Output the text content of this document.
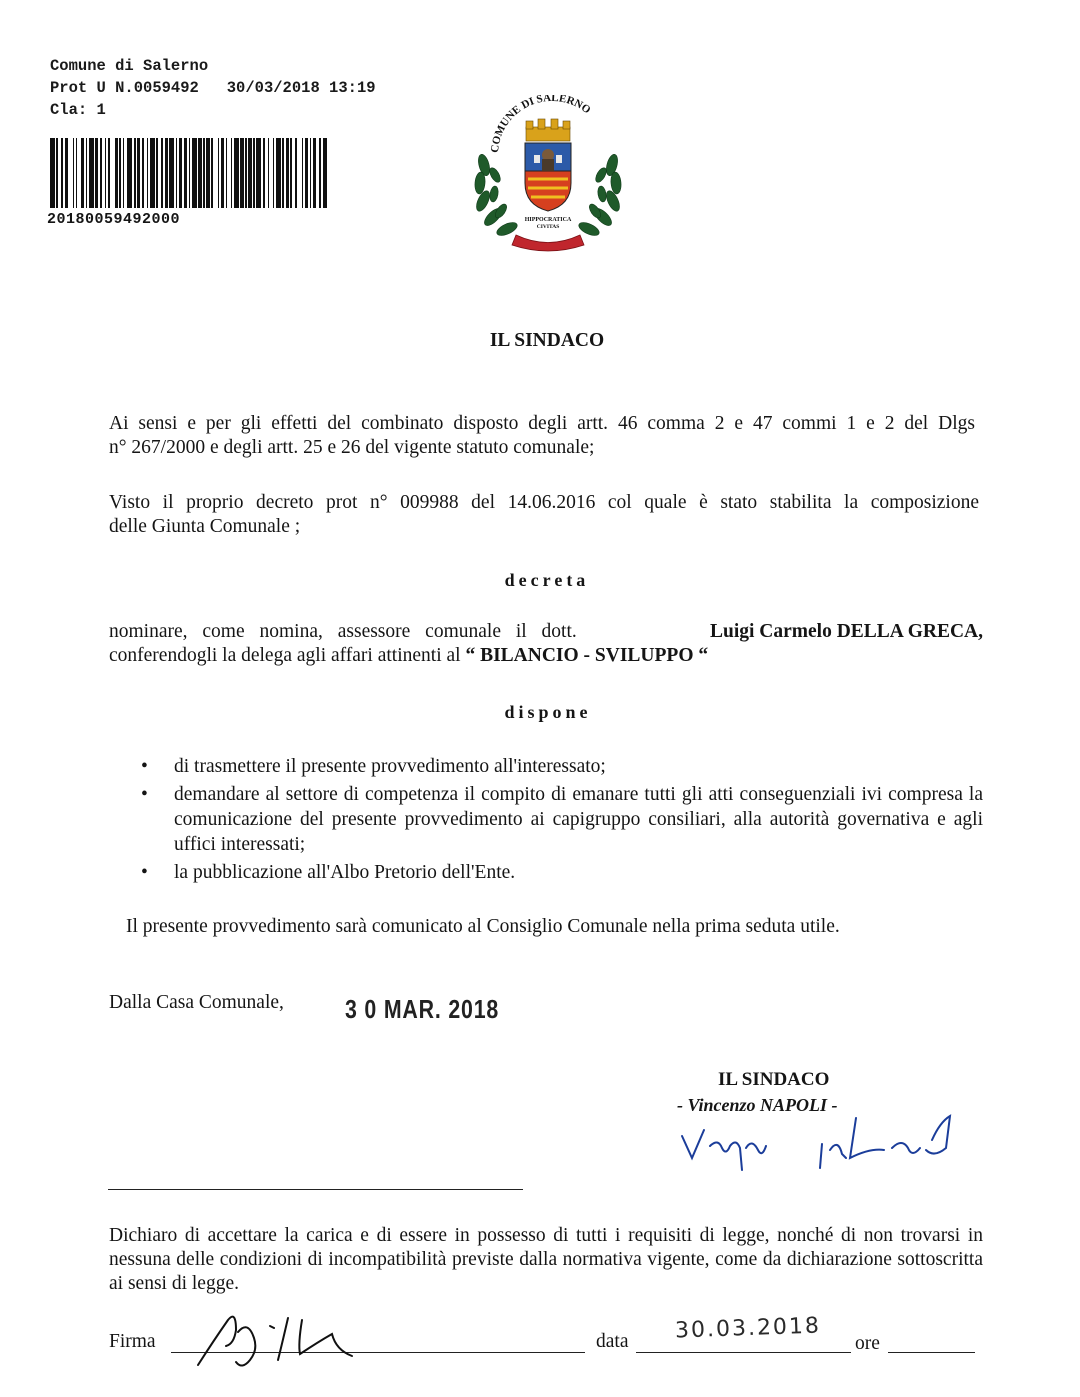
Comune di Salerno
Prot U N.0059492 30/03/2018 13:19
Cla: 1
20180059492000
COMUNE DI SALERNO
HIPPOCRATICA
CIVITAS
IL SINDACO
Ai sensi e per gli effetti del combinato disposto degli artt. 46 comma 2 e 47 commi 1 e 2 del Dlgs
n° 267/2000 e degli artt. 25 e 26 del vigente statuto comunale;
Visto il proprio decreto prot n° 009988 del 14.06.2016 col quale è stato stabilita la composizione
delle Giunta Comunale ;
decreta
nominare, come nomina, assessore comunale il dott.	Luigi Carmelo DELLA GRECA,
conferendogli la delega agli affari attinenti al “ BILANCIO - SVILUPPO “
dispone
• di trasmettere il presente provvedimento all'interessato;
• demandare al settore di competenza il compito di emanare tutti gli atti conseguenziali ivi compresa la comunicazione del presente provvedimento ai capigruppo consiliari, alla autorità governativa e agli uffici interessati;
• la pubblicazione all'Albo Pretorio dell'Ente.
Il presente provvedimento sarà comunicato al Consiglio Comunale nella prima seduta utile.
Dalla Casa Comunale, 3 0 MAR. 2018
IL SINDACO
- Vincenzo NAPOLI -
Dichiaro di accettare la carica e di essere in possesso di tutti i requisiti di legge, nonché di non trovarsi in nessuna delle condizioni di incompatibilità previste dalla normativa vigente, come da dichiarazione sottoscritta ai sensi di legge.
Firma	data 30.03.2018 ore
